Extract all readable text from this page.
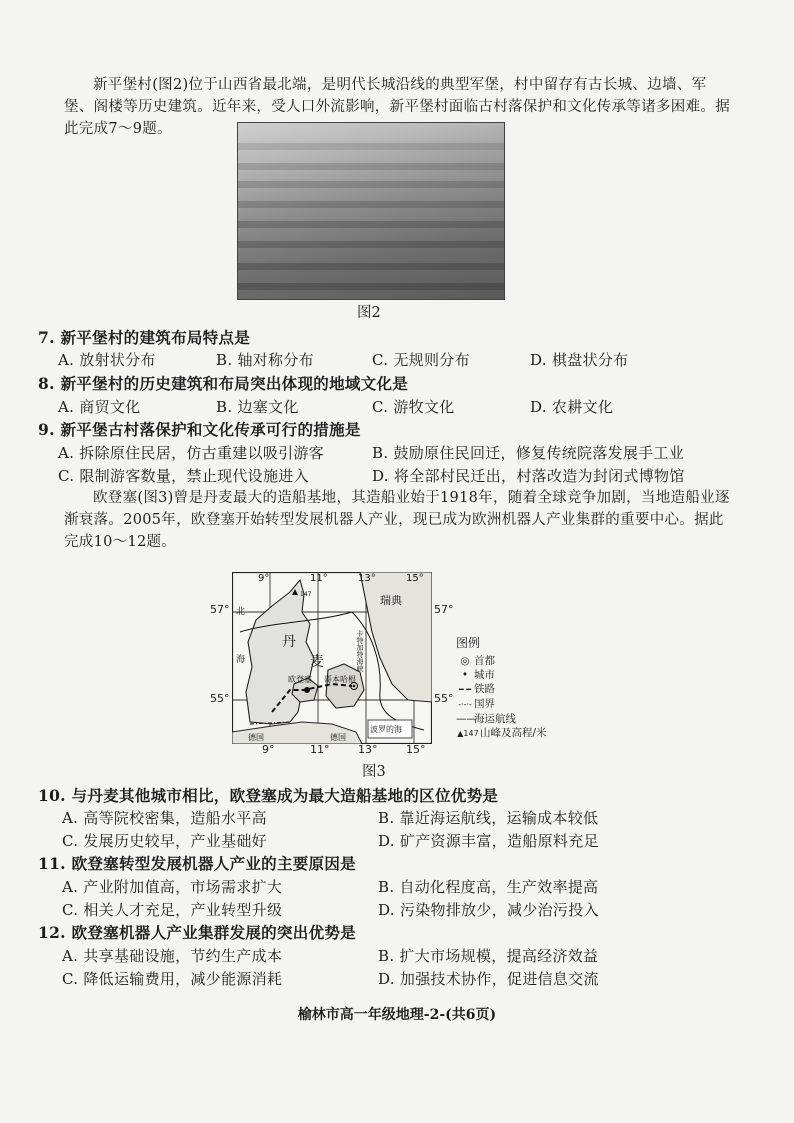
新平堡村(图2)位于山西省最北端，是明代长城沿线的典型军堡，村中留存有古长城、边墙、军堡、阁楼等历史建筑。近年来，受人口外流影响，新平堡村面临古村落保护和文化传承等诸多困难。据此完成7～9题。
图2
7. 新平堡村的建筑布局特点是
A. 放射状分布	B. 轴对称分布	C. 无规则分布	D. 棋盘状分布
8. 新平堡村的历史建筑和布局突出体现的地域文化是
A. 商贸文化	B. 边塞文化	C. 游牧文化	D. 农耕文化
9. 新平堡古村落保护和文化传承可行的措施是
A. 拆除原住民居，仿古重建以吸引游客	B. 鼓励原住民回迁，修复传统院落发展手工业
C. 限制游客数量，禁止现代设施进入	D. 将全部村民迁出，村落改造为封闭式博物馆
欧登塞(图3)曾是丹麦最大的造船基地，其造船业始于1918年，随着全球竞争加剧，当地造船业逐渐衰落。2005年，欧登塞开始转型发展机器人产业，现已成为欧洲机器人产业集群的重要中心。据此完成10～12题。
9°	11°	13°	15°
147	瑞典
丹
麦
北
海	卡特加特海峡
欧登塞 哥本哈根
波罗的海
德国	德国
57°	57°
55°	55°
9°	11°	13°	15°
图例
◎ 首都
• 城市
━ ━ 铁路
-·-·- 国界
——海运航线
▲147山峰及高程/米
图3
10. 与丹麦其他城市相比，欧登塞成为最大造船基地的区位优势是
A. 高等院校密集，造船水平高	B. 靠近海运航线，运输成本较低
C. 发展历史较早，产业基础好	D. 矿产资源丰富，造船原料充足
11. 欧登塞转型发展机器人产业的主要原因是
A. 产业附加值高，市场需求扩大	B. 自动化程度高，生产效率提高
C. 相关人才充足，产业转型升级	D. 污染物排放少，减少治污投入
12. 欧登塞机器人产业集群发展的突出优势是
A. 共享基础设施，节约生产成本	B. 扩大市场规模，提高经济效益
C. 降低运输费用，减少能源消耗	D. 加强技术协作，促进信息交流
榆林市高一年级地理-2-(共6页)
